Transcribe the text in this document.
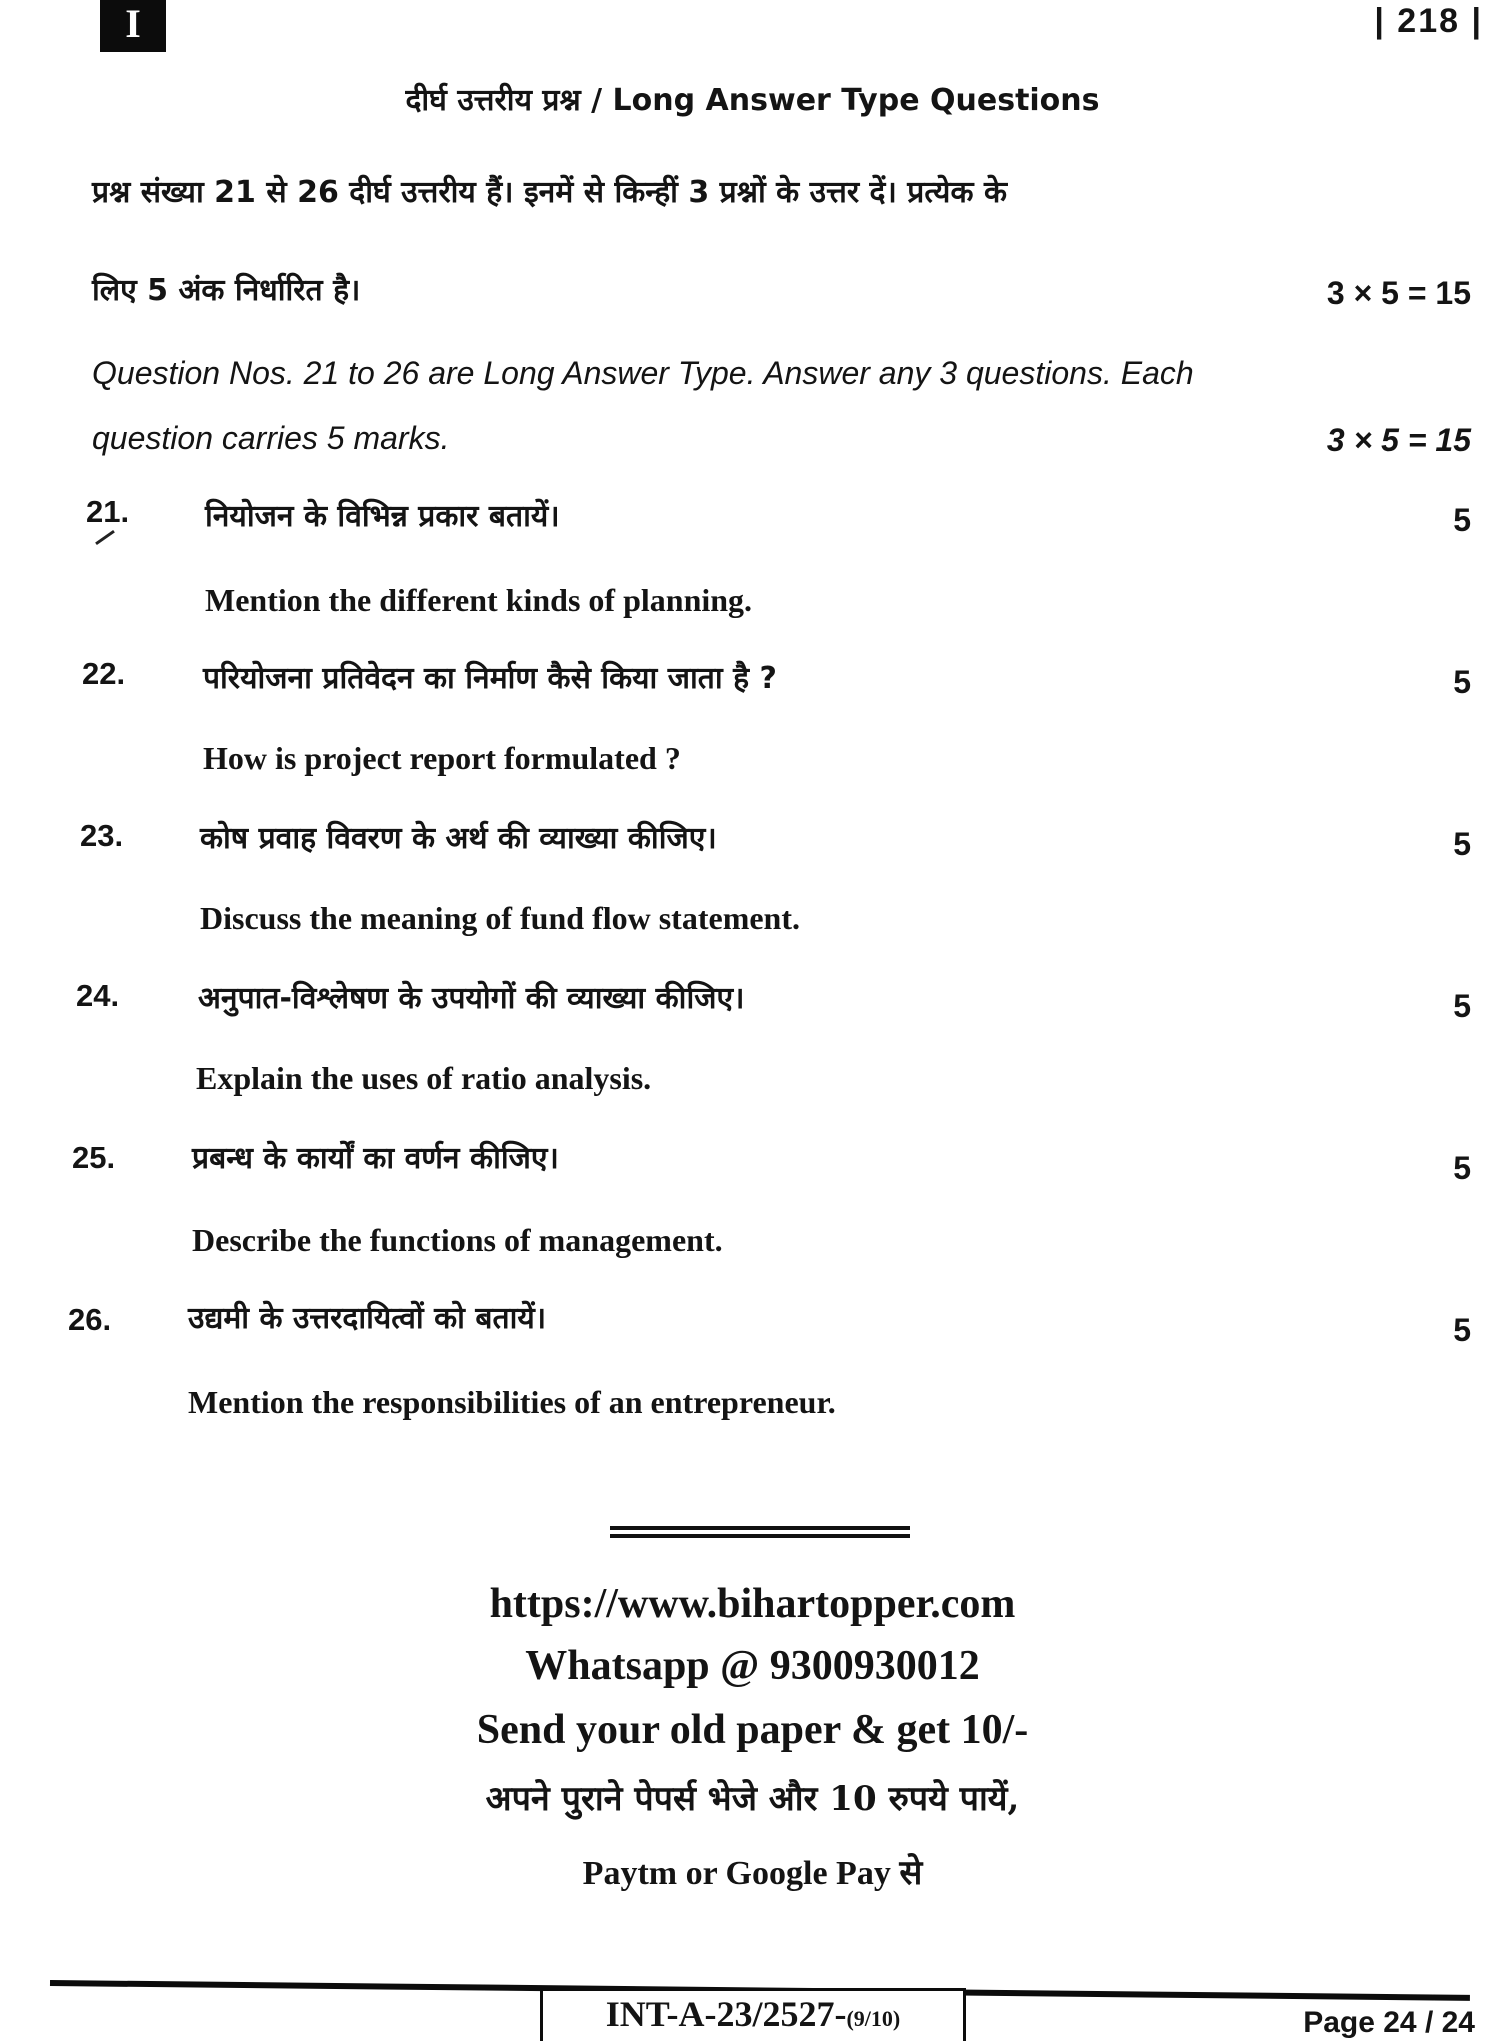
I	| 218 |
दीर्घ उत्तरीय प्रश्न / Long Answer Type Questions
प्रश्न संख्या 21 से 26 दीर्घ उत्तरीय हैं। इनमें से किन्हीं 3 प्रश्नों के उत्तर दें। प्रत्येक के
लिए 5 अंक निर्धारित है।	3 × 5 = 15
Question Nos. 21 to 26 are Long Answer Type. Answer any 3 questions. Each
question carries 5 marks.	3 × 5 = 15
21.	नियोजन के विभिन्न प्रकार बतायें।	5
Mention the different kinds of planning.
22.	परियोजना प्रतिवेदन का निर्माण कैसे किया जाता है ?	5
How is project report formulated ?
23.	कोष प्रवाह विवरण के अर्थ की व्याख्या कीजिए।	5
Discuss the meaning of fund flow statement.
24.	अनुपात-विश्लेषण के उपयोगों की व्याख्या कीजिए।	5
Explain the uses of ratio analysis.
25.	प्रबन्ध के कार्यों का वर्णन कीजिए।	5
Describe the functions of management.
26.	उद्यमी के उत्तरदायित्वों को बतायें।	5
Mention the responsibilities of an entrepreneur.
https://www.bihartopper.com
Whatsapp @ 9300930012
Send your old paper & get 10/-
अपने पुराने पेपर्स भेजे और 10 रुपये पायें,
Paytm or Google Pay से
INT-A-23/2527-(9/10)	Page 24 / 24
